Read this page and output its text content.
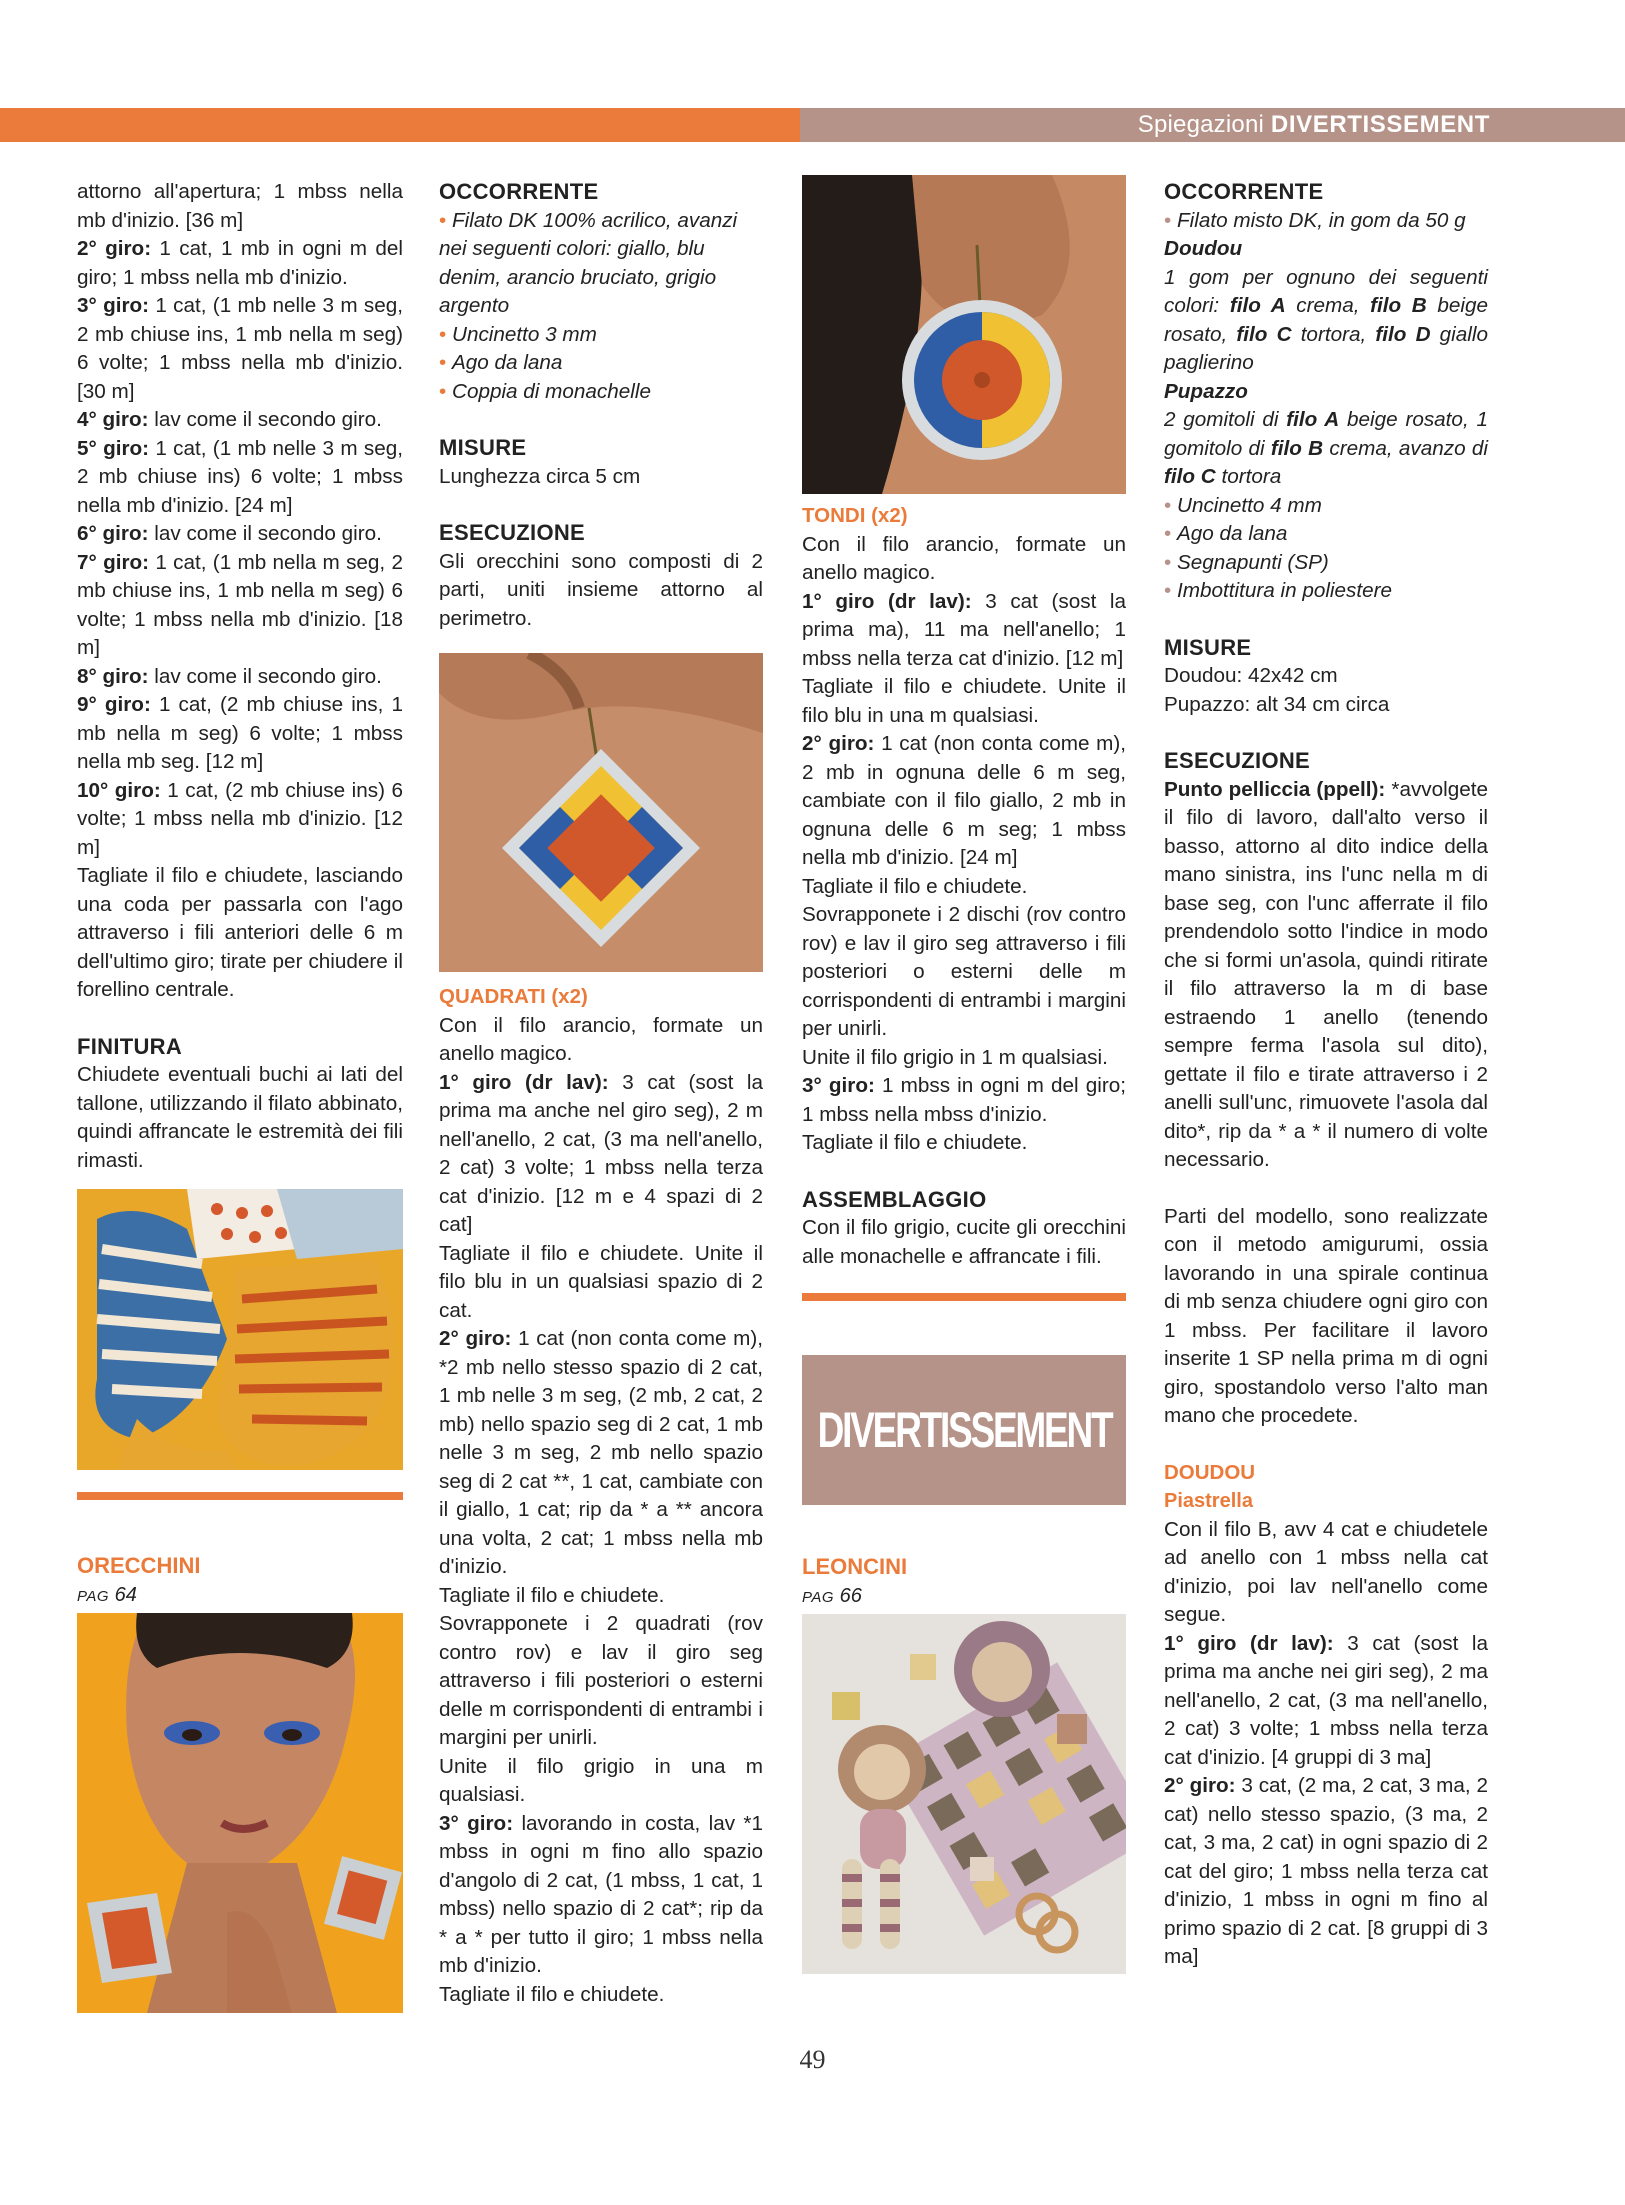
Spiegazioni DIVERTISSEMENT

attorno all'apertura; 1 mbss nella mb d'inizio. [36 m]

2° giro: 1 cat, 1 mb in ogni m del giro; 1 mbss nella mb d'inizio.

3° giro: 1 cat, (1 mb nelle 3 m seg, 2 mb chiuse ins, 1 mb nella m seg) 6 volte; 1 mbss nella mb d'inizio. [30 m]

4° giro: lav come il secondo giro.

5° giro: 1 cat, (1 mb nelle 3 m seg, 2 mb chiuse ins) 6 volte; 1 mbss nella mb d'inizio. [24 m]

6° giro: lav come il secondo giro.

7° giro: 1 cat, (1 mb nella m seg, 2 mb chiuse ins, 1 mb nella m seg) 6 volte; 1 mbss nella mb d'inizio. [18 m]

8° giro: lav come il secondo giro.

9° giro: 1 cat, (2 mb chiuse ins, 1 mb nella m seg) 6 volte; 1 mbss nella mb seg. [12 m]

10° giro: 1 cat, (2 mb chiuse ins) 6 volte; 1 mbss nella mb d'inizio. [12 m]

Tagliate il filo e chiudete, lasciando una coda per passarla con l'ago attraverso i fili anteriori delle 6 m dell'ultimo giro; tirate per chiudere il forellino centrale.

FINITURA

Chiudete eventuali buchi ai lati del tallone, utilizzando il filato abbinato, quindi affrancate le estremità dei fili rimasti.

ORECCHINI

PAG 64

OCCORRENTE

• Filato DK 100% acrilico, avanzi nei seguenti colori: giallo, blu denim, arancio bruciato, grigio argento

• Uncinetto 3 mm

• Ago da lana

• Coppia di monachelle

MISURE

Lunghezza circa 5 cm

ESECUZIONE

Gli orecchini sono composti di 2 parti, uniti insieme attorno al perimetro.

QUADRATI (x2)

Con il filo arancio, formate un anello magico.

1° giro (dr lav): 3 cat (sost la prima ma anche nel giro seg), 2 m nell'anello, 2 cat, (3 ma nell'anello, 2 cat) 3 volte; 1 mbss nella terza cat d'inizio. [12 m e 4 spazi di 2 cat]

Tagliate il filo e chiudete. Unite il filo blu in un qualsiasi spazio di 2 cat.

2° giro: 1 cat (non conta come m), *2 mb nello stesso spazio di 2 cat, 1 mb nelle 3 m seg, (2 mb, 2 cat, 2 mb) nello spazio seg di 2 cat, 1 mb nelle 3 m seg, 2 mb nello spazio seg di 2 cat **, 1 cat, cambiate con il giallo, 1 cat; rip da * a ** ancora una volta, 2 cat; 1 mbss nella mb d'inizio.

Tagliate il filo e chiudete.

Sovrapponete i 2 quadrati (rov contro rov) e lav il giro seg attraverso i fili posteriori o esterni delle m corrispondenti di entrambi i margini per unirli.

Unite il filo grigio in una m qualsiasi.

3° giro: lavorando in costa, lav *1 mbss in ogni m fino allo spazio d'angolo di 2 cat, (1 mbss, 1 cat, 1 mbss) nello spazio di 2 cat*; rip da * a * per tutto il giro; 1 mbss nella mb d'inizio.

Tagliate il filo e chiudete.

TONDI (x2)

Con il filo arancio, formate un anello magico.

1° giro (dr lav): 3 cat (sost la prima ma), 11 ma nell'anello; 1 mbss nella terza cat d'inizio. [12 m]

Tagliate il filo e chiudete. Unite il filo blu in una m qualsiasi.

2° giro: 1 cat (non conta come m), 2 mb in ognuna delle 6 m seg, cambiate con il filo giallo, 2 mb in ognuna delle 6 m seg; 1 mbss nella mb d'inizio. [24 m]

Tagliate il filo e chiudete.

Sovrapponete i 2 dischi (rov contro rov) e lav il giro seg attraverso i fili posteriori o esterni delle m corrispondenti di entrambi i margini per unirli.

Unite il filo grigio in 1 m qualsiasi.

3° giro: 1 mbss in ogni m del giro; 1 mbss nella mbss d'inizio.

Tagliate il filo e chiudete.

ASSEMBLAGGIO

Con il filo grigio, cucite gli orecchini alle monachelle e affrancate i fili.

DIVERTISSEMENT

LEONCINI

PAG 66

OCCORRENTE

• Filato misto DK, in gom da 50 g

Doudou

1 gom per ognuno dei seguenti colori: filo A crema, filo B beige rosato, filo C tortora, filo D giallo paglierino

Pupazzo

2 gomitoli di filo A beige rosato, 1 gomitolo di filo B crema, avanzo di filo C tortora

• Uncinetto 4 mm

• Ago da lana

• Segnapunti (SP)

• Imbottitura in poliestere

MISURE

Doudou: 42x42 cm

Pupazzo: alt 34 cm circa

ESECUZIONE

Punto pelliccia (ppell): *avvolgete il filo di lavoro, dall'alto verso il basso, attorno al dito indice della mano sinistra, ins l'unc nella m di base seg, con l'unc afferrate il filo prendendolo sotto l'indice in modo che si formi un'asola, quindi ritirate il filo attraverso la m di base estraendo 1 anello (tenendo sempre ferma l'asola sul dito), gettate il filo e tirate attraverso i 2 anelli sull'unc, rimuovete l'asola dal dito*, rip da * a * il numero di volte necessario.

Parti del modello, sono realizzate con il metodo amigurumi, ossia lavorando in una spirale continua di mb senza chiudere ogni giro con 1 mbss. Per facilitare il lavoro inserite 1 SP nella prima m di ogni giro, spostandolo verso l'alto man mano che procedete.

DOUDOU

Piastrella

Con il filo B, avv 4 cat e chiudetele ad anello con 1 mbss nella cat d'inizio, poi lav nell'anello come segue.

1° giro (dr lav): 3 cat (sost la prima ma anche nei giri seg), 2 ma nell'anello, 2 cat, (3 ma nell'anello, 2 cat) 3 volte; 1 mbss nella terza cat d'inizio. [4 gruppi di 3 ma]

2° giro: 3 cat, (2 ma, 2 cat, 3 ma, 2 cat) nello stesso spazio, (3 ma, 2 cat, 3 ma, 2 cat) in ogni spazio di 2 cat del giro; 1 mbss nella terza cat d'inizio, 1 mbss in ogni m fino al primo spazio di 2 cat. [8 gruppi di 3 ma]

49
